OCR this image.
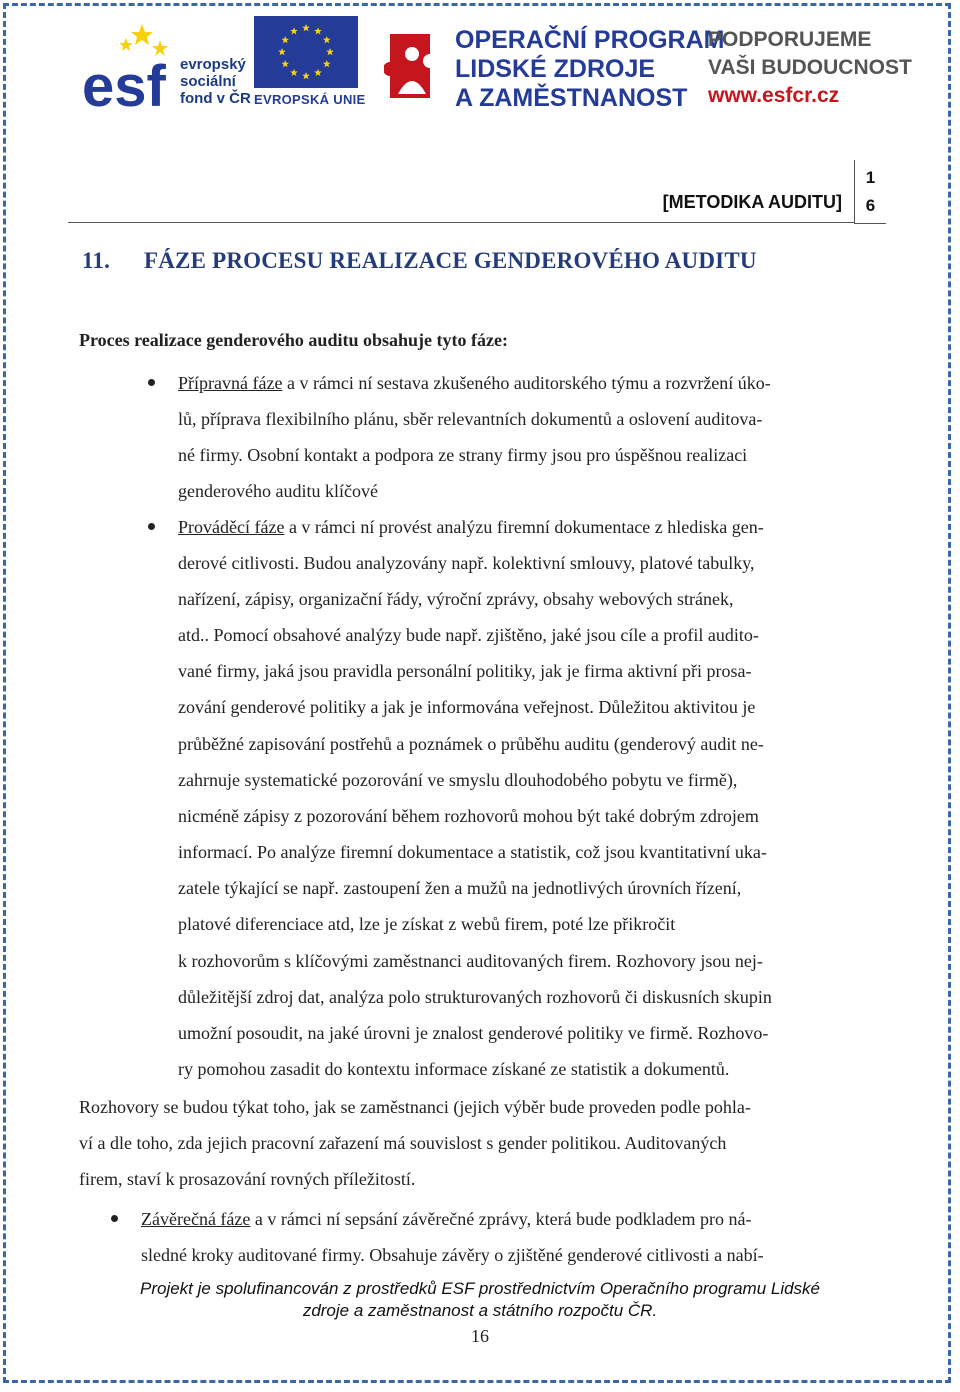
esf evropský
sociální
fond v ČR EVROPSKÁ UNIE
OPERAČNÍ PROGRAM
LIDSKÉ ZDROJE
A ZAMĚSTNANOST
PODPORUJEME
VAŠI BUDOUCNOST
www.esfcr.cz
[METODIKA AUDITU]
1
6
11. FÁZE PROCESU REALIZACE GENDEROVÉHO AUDITU
Proces realizace genderového auditu obsahuje tyto fáze:
Přípravná fáze a v rámci ní sestava zkušeného auditorského týmu a rozvržení úko-
lů, příprava flexibilního plánu, sběr relevantních dokumentů a oslovení auditova-
né firmy. Osobní kontakt a podpora ze strany firmy jsou pro úspěšnou realizaci
genderového auditu klíčové
Prováděcí fáze a v rámci ní provést analýzu firemní dokumentace z hlediska gen-
derové citlivosti. Budou analyzovány např. kolektivní smlouvy, platové tabulky,
nařízení, zápisy, organizační řády, výroční zprávy, obsahy webových stránek,
atd.. Pomocí obsahové analýzy bude např. zjištěno, jaké jsou cíle a profil audito-
vané firmy, jaká jsou pravidla personální politiky, jak je firma aktivní při prosa-
zování genderové politiky a jak je informována veřejnost. Důležitou aktivitou je
průběžné zapisování postřehů a poznámek o průběhu auditu (genderový audit ne-
zahrnuje systematické pozorování ve smyslu dlouhodobého pobytu ve firmě),
nicméně zápisy z pozorování během rozhovorů mohou být také dobrým zdrojem
informací. Po analýze firemní dokumentace a statistik, což jsou kvantitativní uka-
zatele týkající se např. zastoupení žen a mužů na jednotlivých úrovních řízení,
platové diferenciace atd, lze je získat z webů firem, poté lze přikročit
k rozhovorům s klíčovými zaměstnanci auditovaných firem. Rozhovory jsou nej-
důležitější zdroj dat, analýza polo strukturovaných rozhovorů či diskusních skupin
umožní posoudit, na jaké úrovni je znalost genderové politiky ve firmě. Rozhovo-
ry pomohou zasadit do kontextu informace získané ze statistik a dokumentů.
Rozhovory se budou týkat toho, jak se zaměstnanci (jejich výběr bude proveden podle pohla-
ví a dle toho, zda jejich pracovní zařazení má souvislost s gender politikou. Auditovaných
firem, staví k prosazování rovných příležitostí.
Závěrečná fáze a v rámci ní sepsání závěrečné zprávy, která bude podkladem pro ná-
sledné kroky auditované firmy. Obsahuje závěry o zjištěné genderové citlivosti a nabí-
Projekt je spolufinancován z prostředků ESF prostřednictvím Operačního programu Lidské
zdroje a zaměstnanost a státního rozpočtu ČR.
16
